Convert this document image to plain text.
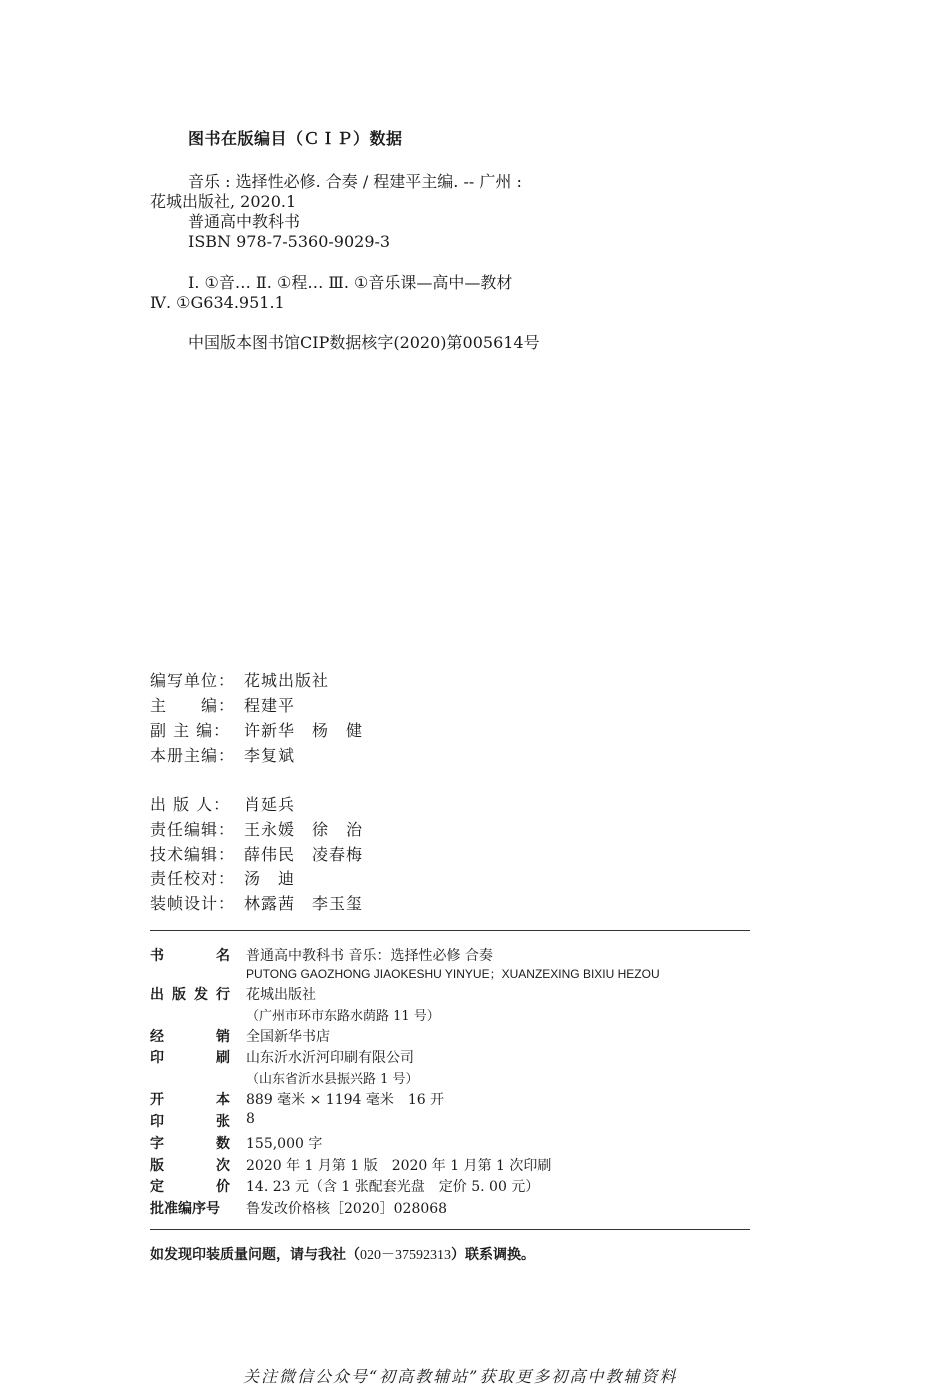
图书在版编目（ＣＩＰ）数据
音乐 : 选择性必修. 合奏 / 程建平主编. -- 广州 :
花城出版社, 2020.1
普通高中教科书
ISBN 978-7-5360-9029-3
Ⅰ. ①音… Ⅱ. ①程… Ⅲ. ①音乐课—高中—教材
Ⅳ. ①G634.951.1
中国版本图书馆CIP数据核字(2020)第005614号
编写单位： 花城出版社
主　　编： 程建平
副 主 编： 许新华　杨　健
本册主编： 李复斌
出 版 人： 肖延兵
责任编辑： 王永媛　徐　治
技术编辑： 薛伟民　凌春梅
责任校对： 汤　迪
装帧设计： 林露茜　李玉玺
书	名 普通高中教科书 音乐：选择性必修 合奏
PUTONG GAOZHONG JIAOKESHU YINYUE；XUANZEXING BIXIU HEZOU
出 版 发 行 花城出版社
（广州市环市东路水荫路 11 号）
经	销 全国新华书店
印	刷 山东沂水沂河印刷有限公司
（山东省沂水县振兴路 1 号）
开	本 889 毫米 × 1194 毫米　16 开
印	张 8
字	数 155,000 字
版	次 2020 年 1 月第 1 版　2020 年 1 月第 1 次印刷
定	价 14. 23 元（含 1 张配套光盘　定价 5. 00 元）
批准编序号	鲁发改价格核［2020］028068
如发现印装质量问题，请与我社（020－37592313）联系调换。
关注微信公众号“初高教辅站”获取更多初高中教辅资料
